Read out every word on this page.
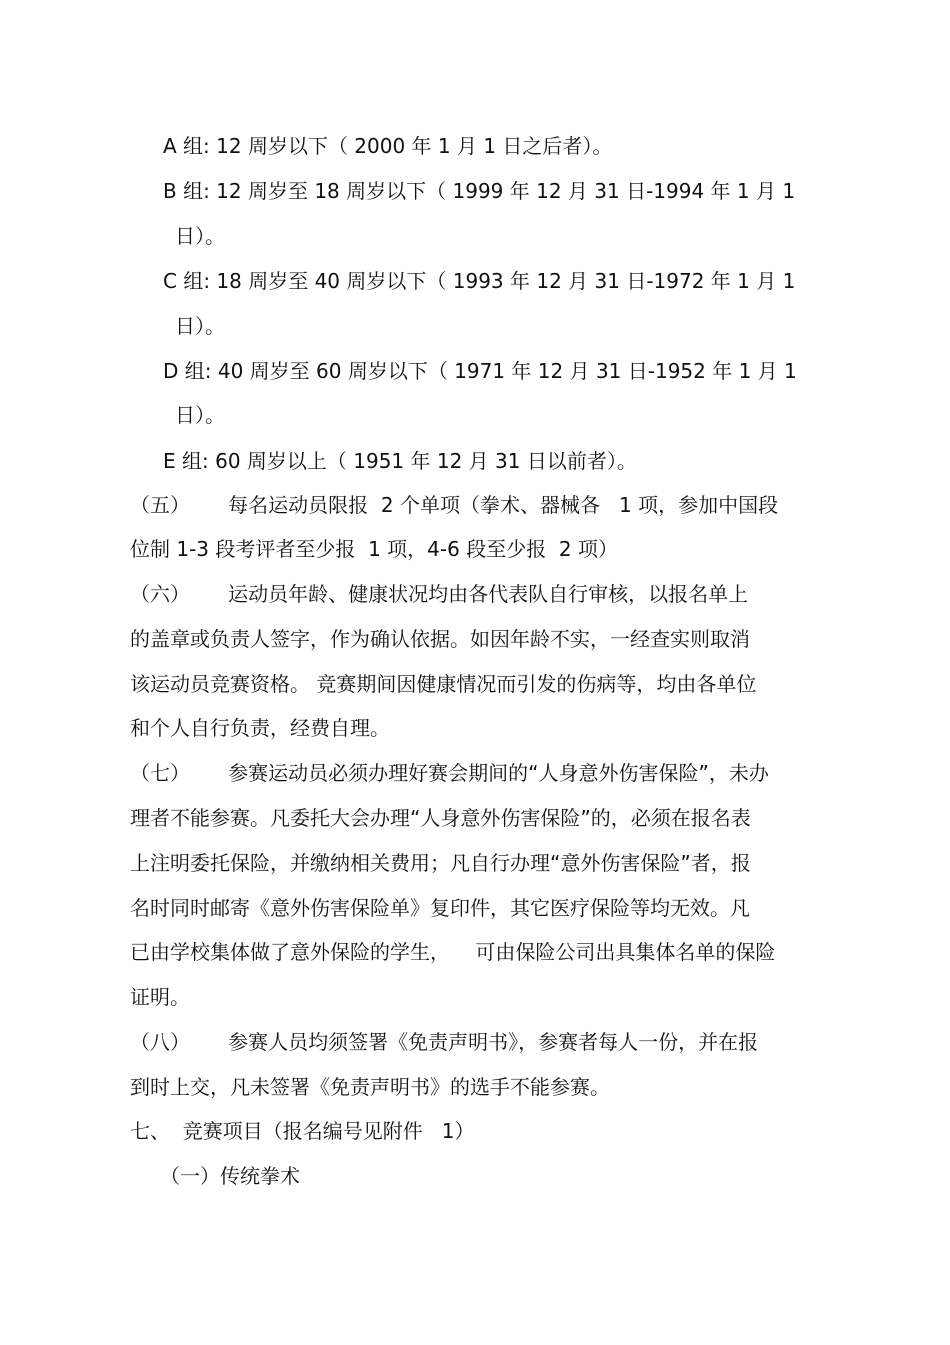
A 组: 12 周岁以下（ 2000 年 1 月 1 日之后者）。
B 组: 12 周岁至 18 周岁以下（ 1999 年 12 月 31 日-1994 年 1 月 1
日）。
C 组: 18 周岁至 40 周岁以下（ 1993 年 12 月 31 日-1972 年 1 月 1
日）。
D 组: 40 周岁至 60 周岁以下（ 1971 年 12 月 31 日-1952 年 1 月 1
日）。
E 组: 60 周岁以上（ 1951 年 12 月 31 日以前者）。
（五）      每名运动员限报  2 个单项（拳术、器械各   1 项，参加中国段
位制 1-3 段考评者至少报  1 项，4-6 段至少报  2 项）
（六）      运动员年龄、健康状况均由各代表队自行审核，以报名单上
的盖章或负责人签字，作为确认依据。如因年龄不实，一经查实则取消
该运动员竞赛资格。 竞赛期间因健康情况而引发的伤病等，均由各单位
和个人自行负责，经费自理。
（七）      参赛运动员必须办理好赛会期间的“人身意外伤害保险”，未办
理者不能参赛。凡委托大会办理“人身意外伤害保险”的，必须在报名表
上注明委托保险，并缴纳相关费用；凡自行办理“意外伤害保险”者，报
名时同时邮寄《意外伤害保险单》复印件，其它医疗保险等均无效。凡
已由学校集体做了意外保险的学生，    可由保险公司出具集体名单的保险
证明。
（八）      参赛人员均须签署《免责声明书》，参赛者每人一份，并在报
到时上交，凡未签署《免责声明书》的选手不能参赛。
七、  竞赛项目（报名编号见附件   1）
（一）传统拳术
